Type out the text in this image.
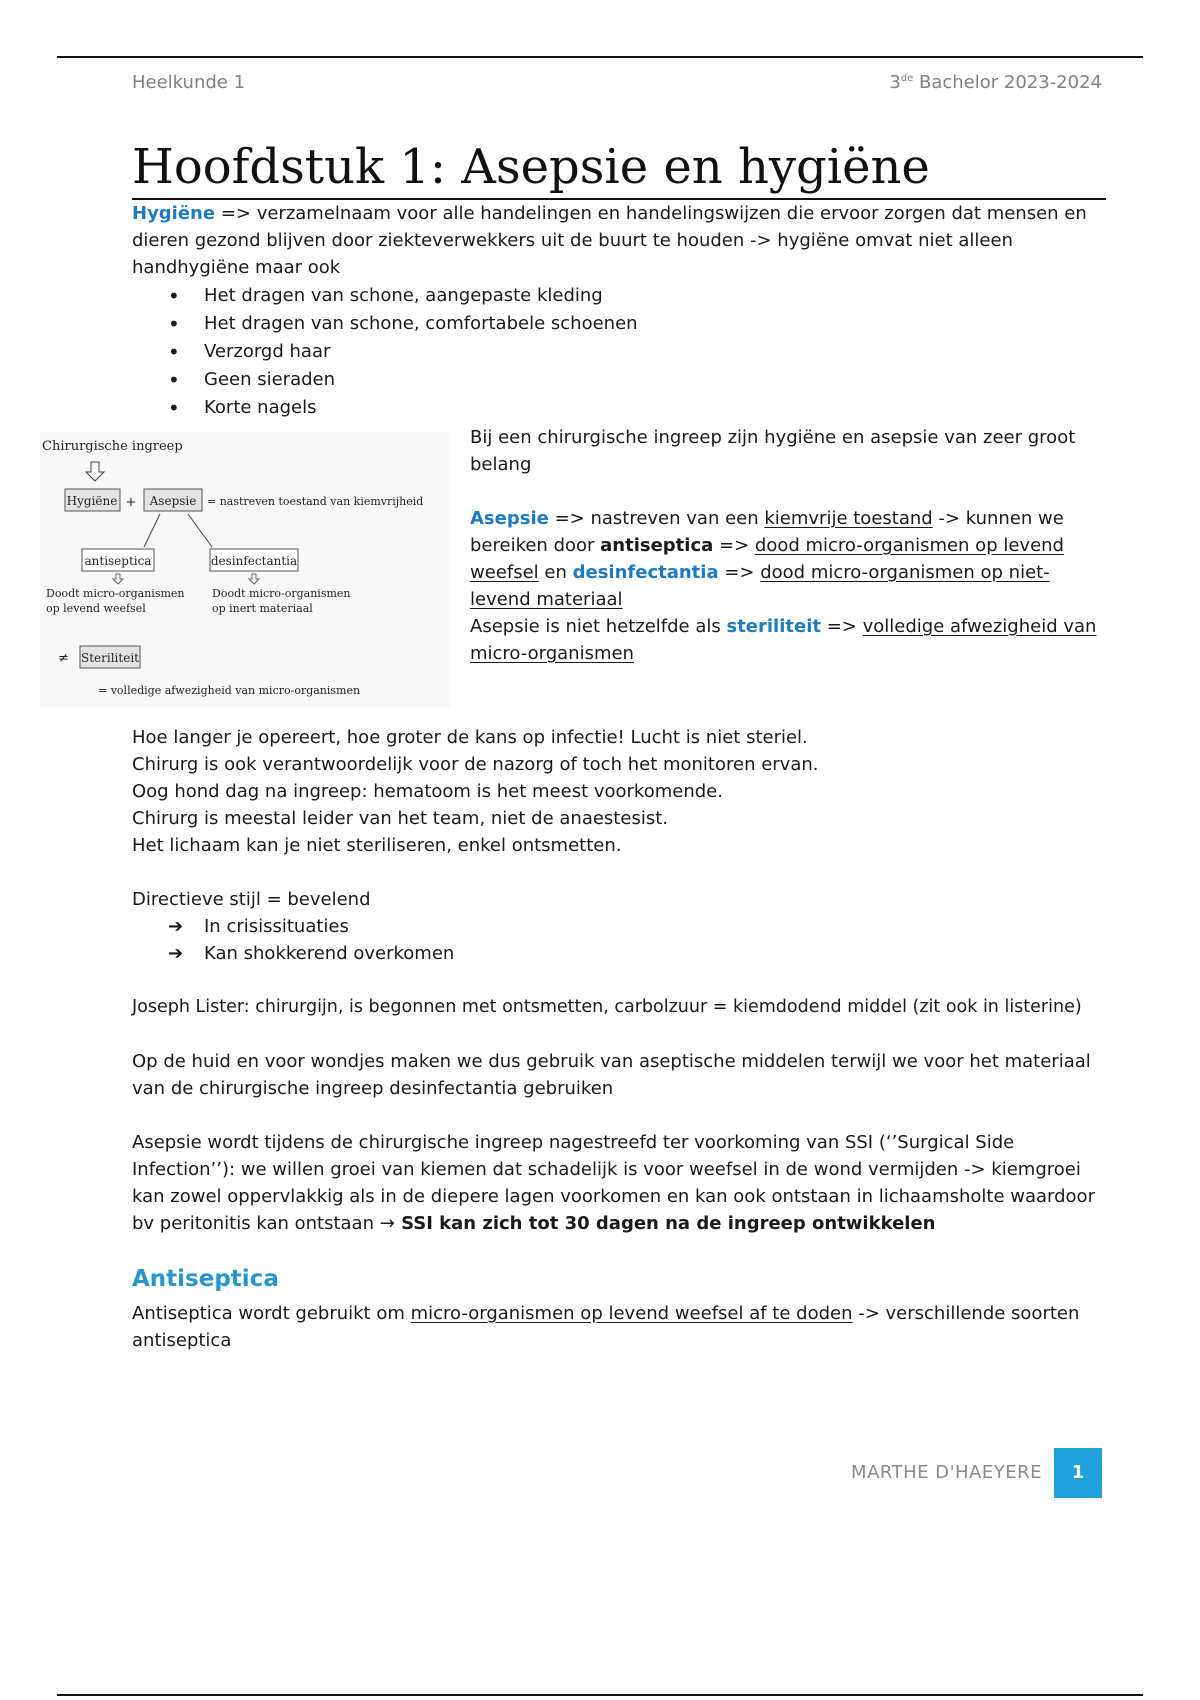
Heelkunde 1	3de Bachelor 2023-2024
Hoofdstuk 1: Asepsie en hygiëne
Hygiëne => verzamelnaam voor alle handelingen en handelingswijzen die ervoor zorgen dat mensen en dieren gezond blijven door ziekteverwekkers uit de buurt te houden -> hygiëne omvat niet alleen handhygiëne maar ook
• Het dragen van schone, aangepaste kleding
• Het dragen van schone, comfortabele schoenen
• Verzorgd haar
• Geen sieraden
• Korte nagels
Chirurgische ingreep
Hygiëne + Asepsie = nastreven toestand van kiemvrijheid
antiseptica	desinfectantia
Doodt micro-organismen
op levend weefsel
Doodt micro-organismen
op inert materiaal
≠ Steriliteit
= volledige afwezigheid van micro-organismen

Bij een chirurgische ingreep zijn hygiëne en asepsie van zeer groot belang

Asepsie => nastreven van een kiemvrije toestand -> kunnen we bereiken door antiseptica => dood micro-organismen op levend weefsel en desinfectantia => dood micro-organismen op niet-levend materiaal

Asepsie is niet hetzelfde als steriliteit => volledige afwezigheid van micro-organismen

Hoe langer je opereert, hoe groter de kans op infectie! Lucht is niet steriel.

Chirurg is ook verantwoordelijk voor de nazorg of toch het monitoren ervan.

Oog hond dag na ingreep: hematoom is het meest voorkomende.

Chirurg is meestal leider van het team, niet de anaestesist.

Het lichaam kan je niet steriliseren, enkel ontsmetten.

Directieve stijl = bevelend
➔ In crisissituaties
➔ Kan shokkerend overkomen
Joseph Lister: chirurgijn, is begonnen met ontsmetten, carbolzuur = kiemdodend middel (zit ook in listerine)
Op de huid en voor wondjes maken we dus gebruik van aseptische middelen terwijl we voor het materiaal van de chirurgische ingreep desinfectantia gebruiken
Asepsie wordt tijdens de chirurgische ingreep nagestreefd ter voorkoming van SSI (‘’Surgical Side Infection’’): we willen groei van kiemen dat schadelijk is voor weefsel in de wond vermijden -> kiemgroei kan zowel oppervlakkig als in de diepere lagen voorkomen en kan ook ontstaan in lichaamsholte waardoor bv peritonitis kan ontstaan → SSI kan zich tot 30 dagen na de ingreep ontwikkelen
Antiseptica
Antiseptica wordt gebruikt om micro-organismen op levend weefsel af te doden -> verschillende soorten antiseptica
MARTHE D'HAEYERE	1
